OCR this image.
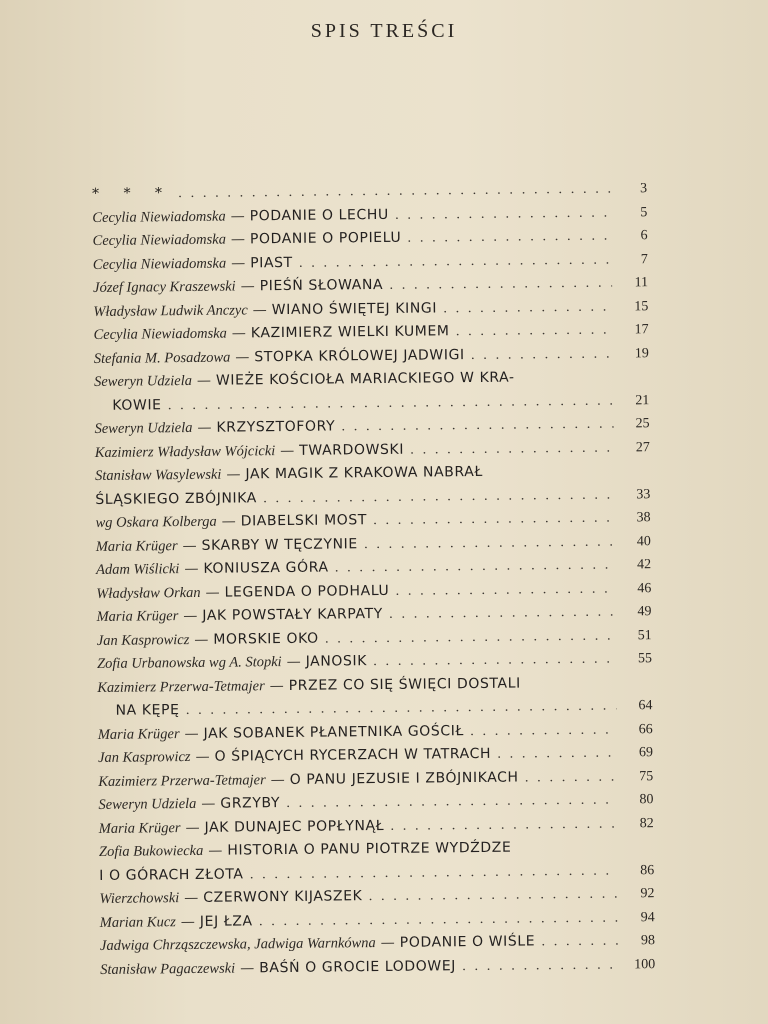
SPIS TREŚCI
* * * . . .	3
Cecylia Niewiadomska — PODANIE O LECHU . . .	5
Cecylia Niewiadomska — PODANIE O POPIELU . . .	6
Cecylia Niewiadomska — PIAST . . .	7
Józef Ignacy Kraszewski — PIEŚŃ SŁOWANA . . .	11
Władysław Ludwik Anczyc — WIANO ŚWIĘTEJ KINGI . . .	15
Cecylia Niewiadomska — KAZIMIERZ WIELKI KUMEM . . .	17
Stefania M. Posadzowa — STOPKA KRÓLOWEJ JADWIGI . . .	19
Seweryn Udziela — WIEŻE KOŚCIOŁA MARIACKIEGO W KRA-
KOWIE . . .	21
Seweryn Udziela — KRZYSZTOFORY . . .	25
Kazimierz Władysław Wójcicki — TWARDOWSKI . . .	27
Stanisław Wasylewski — JAK MAGIK Z KRAKOWA NABRAŁ
ŚLĄSKIEGO ZBÓJNIKA . . .	33
wg Oskara Kolberga — DIABELSKI MOST . . .	38
Maria Krüger — SKARBY W TĘCZYNIE . . .	40
Adam Wiślicki — KONIUSZA GÓRA . . .	42
Władysław Orkan — LEGENDA O PODHALU . . .	46
Maria Krüger — JAK POWSTAŁY KARPATY . . .	49
Jan Kasprowicz — MORSKIE OKO . . .	51
Zofia Urbanowska wg A. Stopki — JANOSIK . . .	55
Kazimierz Przerwa-Tetmajer — PRZEZ CO SIĘ ŚWIĘCI DOSTALI
NA KĘPĘ . . .	64
Maria Krüger — JAK SOBANEK PŁANETNIKA GOŚCIŁ . . .	66
Jan Kasprowicz — O ŚPIĄCYCH RYCERZACH W TATRACH . . .	69
Kazimierz Przerwa-Tetmajer — O PANU JEZUSIE I ZBÓJNIKACH . . .	75
Seweryn Udziela — GRZYBY . . .	80
Maria Krüger — JAK DUNAJEC POPŁYNĄŁ . . .	82
Zofia Bukowiecka — HISTORIA O PANU PIOTRZE WYDŹDZE
I O GÓRACH ZŁOTA . . .	86
Wierzchowski — CZERWONY KIJASZEK . . .	92
Marian Kucz — JEJ ŁZA . . .	94
Jadwiga Chrząszczewska, Jadwiga Warnkówna — PODANIE O WIŚLE . . .	98
Stanisław Pagaczewski — BAŚŃ O GROCIE LODOWEJ . . .	100
